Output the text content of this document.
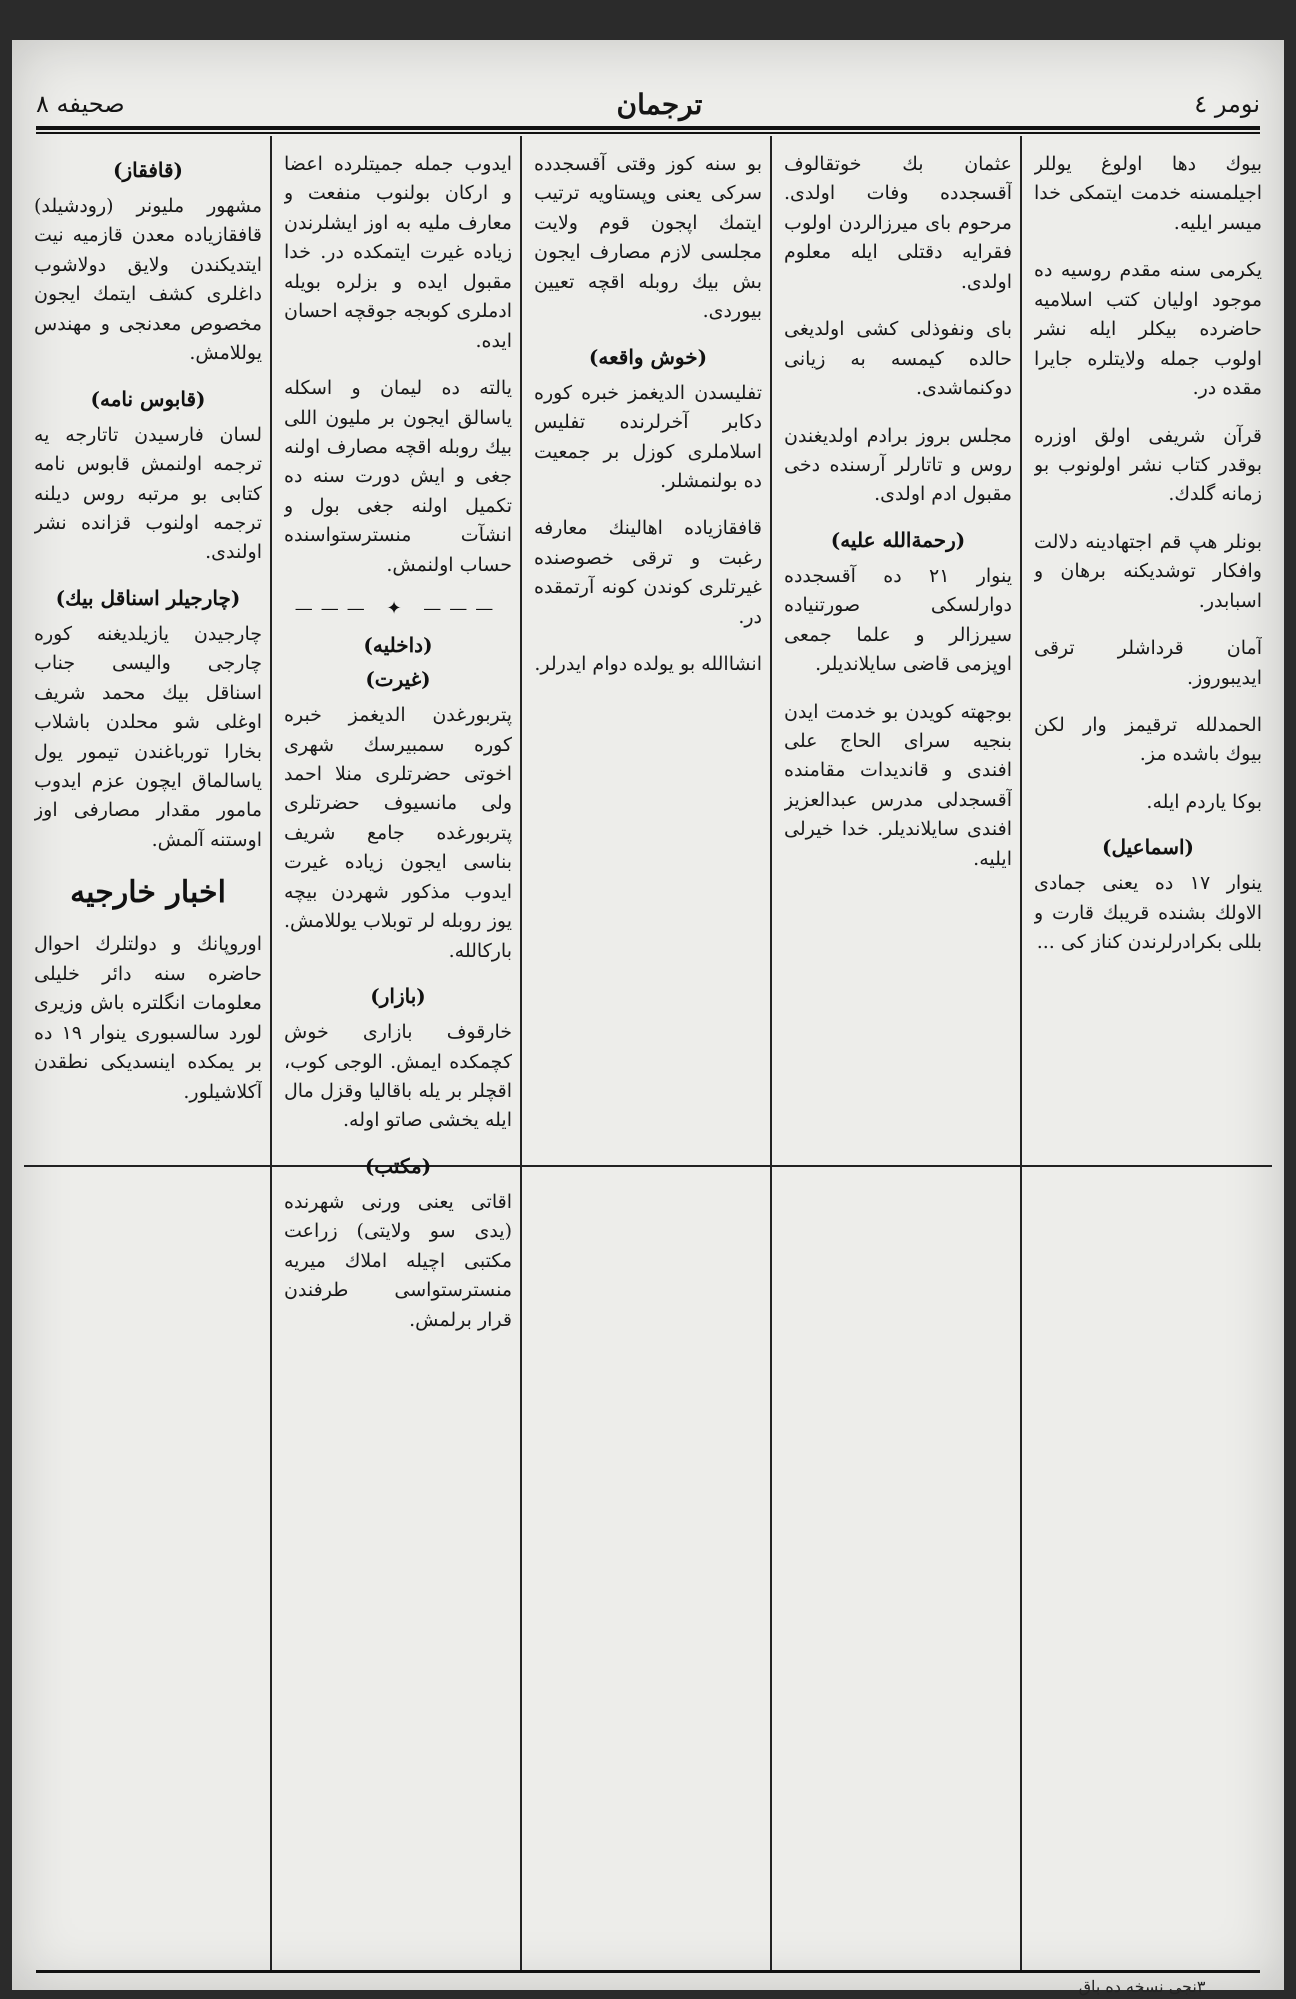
نومر ٤
ترجمان
صحیفه ۸

بیوك دها اولوغ یوللر اجیلمسنه خدمت ایتمكی خدا میسر ایلیه.

یكرمی سنه مقدم روسیه ده موجود اولیان كتب اسلامیه حاضرده بیكلر ایله نشر اولوب جمله ولایتلره جایرا مقده در.

قرآن شریفی اولق اوزره بوقدر كتاب نشر اولونوب بو زمانه گلدك.

بونلر هپ قم اجتهادینه دلالت وافكار توشدیكنه برهان و اسبابدر.

آمان قرداشلر ترقی ایدیبوروز.

الحمدلله ترقیمز وار لكن بیوك باشده مز.

بوكا یاردم ایله.

(اسماعیل)

ینوار ۱۷ ده یعنی جمادی الاولك بشنده قریبك قارت و بللی بكرادرلرندن كناز كی ...

عثمان بك خوتقالوف آقسجدده وفات اولدی. مرحوم بای میرزالردن اولوب فقرایه دقتلی ایله معلوم اولدی.

بای ونفوذلی كشی اولدیغی حالده كیمسه به زیانی دوكنماشدی.

مجلس بروز برادم اولدیغندن روس و تاتارلر آرسنده دخی مقبول ادم اولدی.

(رحمةالله علیه)

ینوار ۲۱ ده آقسجدده دوارلسكی صورتنیاده سیرزالر و علما جمعی اوپزمی قاضی سایلاندیلر.

بوجهته كویدن بو خدمت ایدن بنجیه سرای الحاج علی افندی و قاندیدات مقامنده آقسجدلی مدرس عبدالعزیز افندی سایلاندیلر. خدا خیرلی ایلیه.

بو سنه كوز وقتی آقسجدده سركی یعنی وپستاویه ترتیب ایتمك اپجون قوم ولایت مجلسی لازم مصارف ایجون بش بیك روبله اقچه تعیین بیوردی.

(خوش واقعه)

تفلیسدن الدیغمز خبره كوره دكابر آخرلرنده تفلیس اسلاملری كوزل بر جمعیت ده بولنمشلر.

قافقازیاده اهالینك معارفه رغبت و ترقی خصوصنده غیرتلری كوندن كونه آرتمقده در.

انشاالله بو یولده دوام ایدرلر.

ایدوب جمله جمیتلرده اعضا و اركان بولنوب منفعت و معارف ملیه به اوز ایشلرندن زیاده غیرت ایتمكده در. خدا مقبول ایده و بزلره بویله ادملری كوبجه جوقچه احسان ایده.

یالته ده لیمان و اسكله یاسالق ایجون بر ملیون اللی بیك روبله اقچه مصارف اولنه جغی و ایش دورت سنه ده تكمیل اولنه جغی بول و انشآت منسترستواسنده حساب اولنمش.

——— ✦ ———
(داخلیه)
(غیرت)

پتربورغدن الدیغمز خبره كوره سمبیرسك شهری اخوتی حضرتلری منلا احمد ولی مانسیوف حضرتلری پتربورغده جامع شریف بناسی ایجون زیاده غیرت ایدوب مذكور شهردن بیچه یوز روبله لر توبلاب یوللامش. باركالله.

(بازار)

خارقوف بازاری خوش كچمكده ایمش. الوجی كوب، اقچلر بر یله باقالیا وقزل مال ایله یخشی صاتو اوله.

(مكتب)

اقاتی یعنی ورنی شهرنده (یدی سو ولایتی) زراعت مكتبی اچیله املاك میریه منسترستواسی طرفندن قرار برلمش.

(قافقاز)

مشهور ملیونر (رودشیلد) قافقازیاده معدن قازمیه نیت ایتدیكندن ولایق دولاشوب داغلری كشف ایتمك ایجون مخصوص معدنجی و مهندس یوللامش.

(قابوس نامه)

لسان فارسیدن تاتارجه یه ترجمه اولنمش قابوس نامه كتابی بو مرتبه روس دیلنه ترجمه اولنوب قزانده نشر اولندی.

(چارجیلر اسناقل بیك)

چارجیدن یازیلدیغنه كوره چارجی والیسی جناب اسناقل بیك محمد شریف اوغلی شو محلدن باشلاب بخارا تورباغندن تیمور یول یاسالماق ایچون عزم ایدوب مامور مقدار مصارفی اوز اوستنه آلمش.

اخبار خارجیه

اوروپانك و دولتلرك احوال حاضره سنه دائر خلیلی معلومات انگلتره باش وزیری لورد سالسبوری ینوار ۱۹ ده بر یمكده اینسدیكی نطقدن آكلاشیلور.

۳نجی نسخه ده باق
